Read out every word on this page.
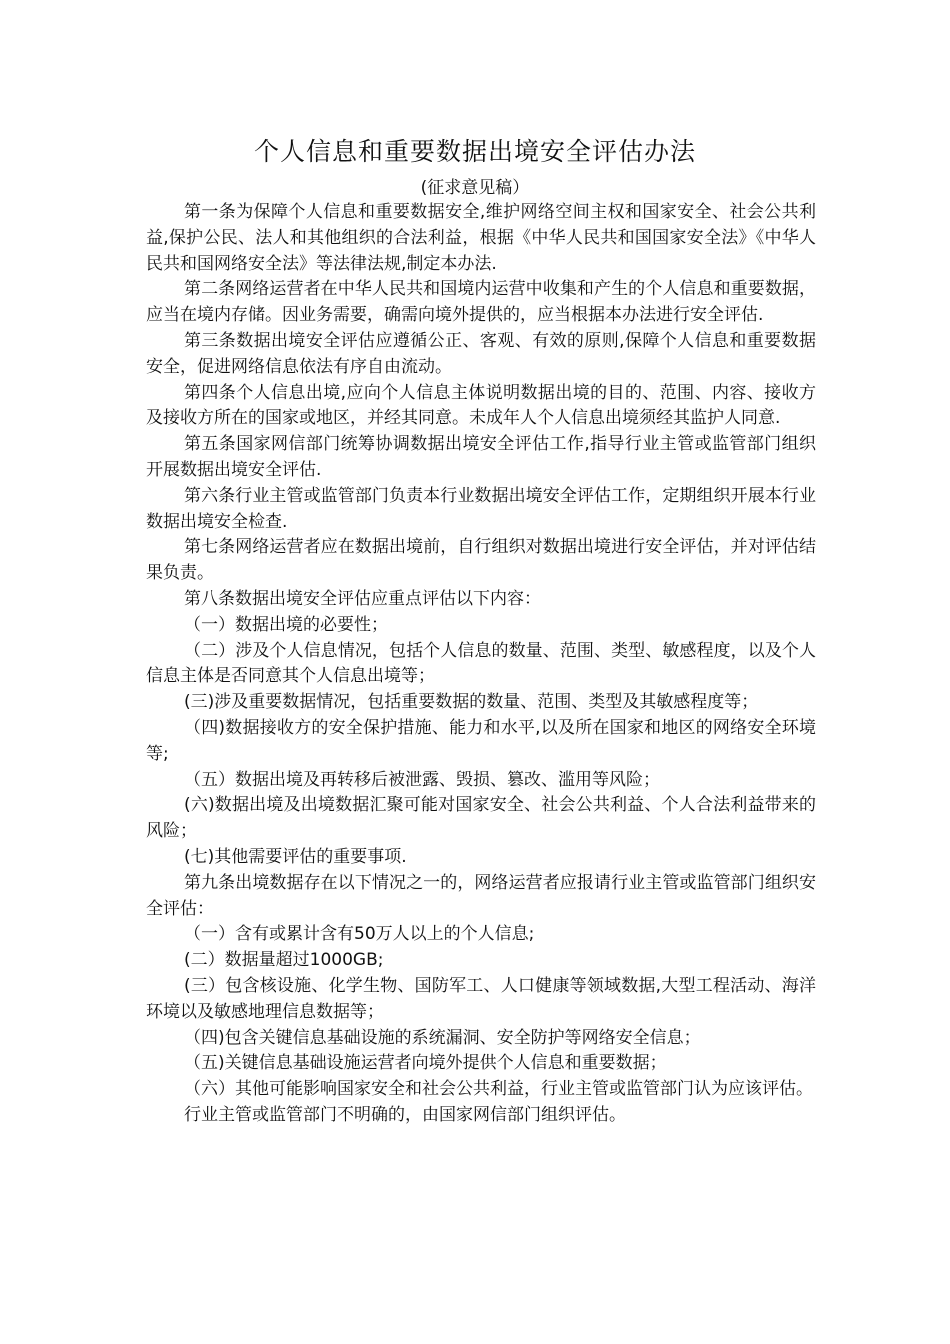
个人信息和重要数据出境安全评估办法
(征求意见稿）

第一条为保障个人信息和重要数据安全,维护网络空间主权和国家安全、社会公共利益,保护公民、法人和其他组织的合法利益，根据《中华人民共和国国家安全法》《中华人民共和国网络安全法》等法律法规,制定本办法.

第二条网络运营者在中华人民共和国境内运营中收集和产生的个人信息和重要数据，应当在境内存储。因业务需要，确需向境外提供的，应当根据本办法进行安全评估.

第三条数据出境安全评估应遵循公正、客观、有效的原则,保障个人信息和重要数据安全，促进网络信息依法有序自由流动。

第四条个人信息出境,应向个人信息主体说明数据出境的目的、范围、内容、接收方及接收方所在的国家或地区，并经其同意。未成年人个人信息出境须经其监护人同意.

第五条国家网信部门统筹协调数据出境安全评估工作,指导行业主管或监管部门组织开展数据出境安全评估.

第六条行业主管或监管部门负责本行业数据出境安全评估工作，定期组织开展本行业数据出境安全检查.

第七条网络运营者应在数据出境前，自行组织对数据出境进行安全评估，并对评估结果负责。

第八条数据出境安全评估应重点评估以下内容：

（一）数据出境的必要性；

（二）涉及个人信息情况，包括个人信息的数量、范围、类型、敏感程度，以及个人信息主体是否同意其个人信息出境等；

(三)涉及重要数据情况，包括重要数据的数量、范围、类型及其敏感程度等；

（四)数据接收方的安全保护措施、能力和水平,以及所在国家和地区的网络安全环境等;

（五）数据出境及再转移后被泄露、毁损、篡改、滥用等风险；

(六)数据出境及出境数据汇聚可能对国家安全、社会公共利益、个人合法利益带来的风险；

(七)其他需要评估的重要事项.

第九条出境数据存在以下情况之一的，网络运营者应报请行业主管或监管部门组织安全评估：

（一）含有或累计含有50万人以上的个人信息;

(二）数据量超过1000GB;

(三）包含核设施、化学生物、国防军工、人口健康等领域数据,大型工程活动、海洋环境以及敏感地理信息数据等；

（四)包含关键信息基础设施的系统漏洞、安全防护等网络安全信息；

（五)关键信息基础设施运营者向境外提供个人信息和重要数据；

（六）其他可能影响国家安全和社会公共利益，行业主管或监管部门认为应该评估。

行业主管或监管部门不明确的，由国家网信部门组织评估。
